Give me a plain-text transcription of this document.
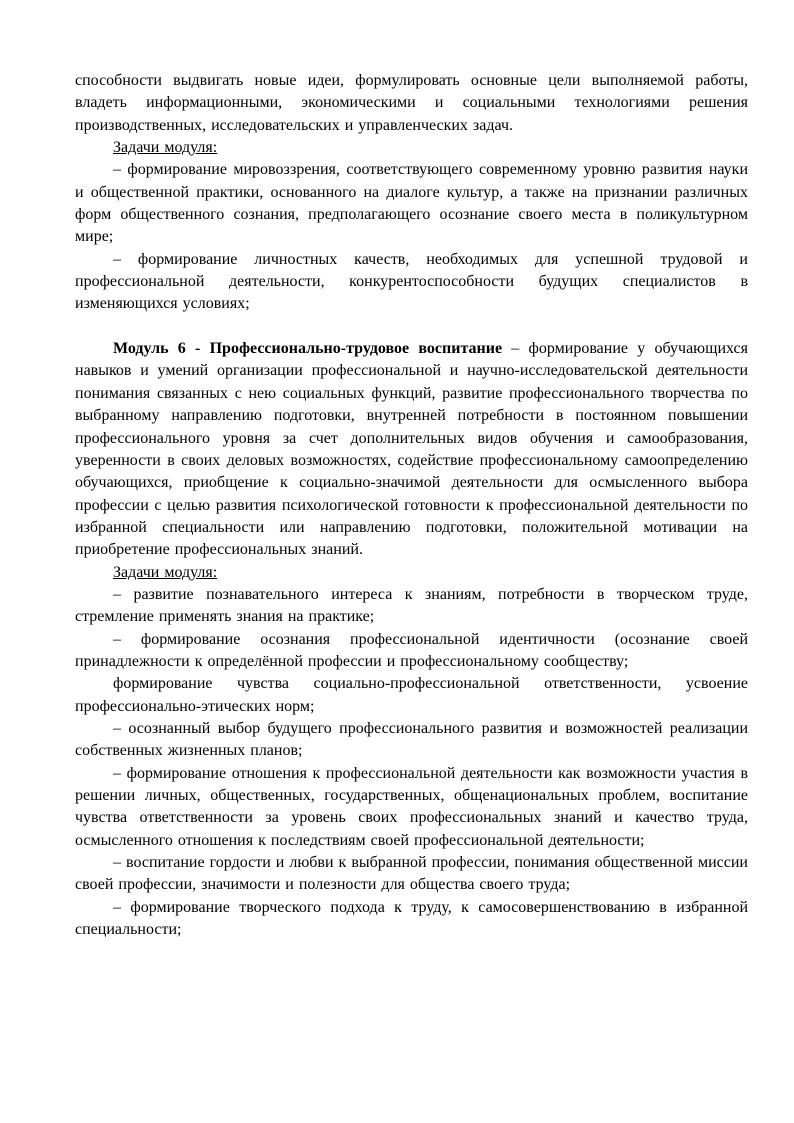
способности выдвигать новые идеи, формулировать основные цели выполняемой работы, владеть информационными, экономическими и социальными технологиями решения производственных, исследовательских и управленческих задач.

Задачи модуля:

– формирование мировоззрения, соответствующего современному уровню развития науки и общественной практики, основанного на диалоге культур, а также на признании различных форм общественного сознания, предполагающего осознание своего места в поликультурном мире;

– формирование личностных качеств, необходимых для успешной трудовой и профессиональной деятельности, конкурентоспособности будущих специалистов в изменяющихся условиях;

Модуль 6 - Профессионально-трудовое воспитание – формирование у обучающихся навыков и умений организации профессиональной и научно-исследовательской деятельности понимания связанных с нею социальных функций, развитие профессионального творчества по выбранному направлению подготовки, внутренней потребности в постоянном повышении профессионального уровня за счет дополнительных видов обучения и самообразования, уверенности в своих деловых возможностях, содействие профессиональному самоопределению обучающихся, приобщение к социально-значимой деятельности для осмысленного выбора профессии с целью развития психологической готовности к профессиональной деятельности по избранной специальности или направлению подготовки, положительной мотивации на приобретение профессиональных знаний.

Задачи модуля:

– развитие познавательного интереса к знаниям, потребности в творческом труде, стремление применять знания на практике;

– формирование осознания профессиональной идентичности (осознание своей принадлежности к определённой профессии и профессиональному сообществу;

формирование чувства социально-профессиональной ответственности, усвоение профессионально-этических норм;

– осознанный выбор будущего профессионального развития и возможностей реализации собственных жизненных планов;

– формирование отношения к профессиональной деятельности как возможности участия в решении личных, общественных, государственных, общенациональных проблем, воспитание чувства ответственности за уровень своих профессиональных знаний и качество труда, осмысленного отношения к последствиям своей профессиональной деятельности;

– воспитание гордости и любви к выбранной профессии, понимания общественной миссии своей профессии, значимости и полезности для общества своего труда;

– формирование творческого подхода к труду, к самосовершенствованию в избранной специальности;
